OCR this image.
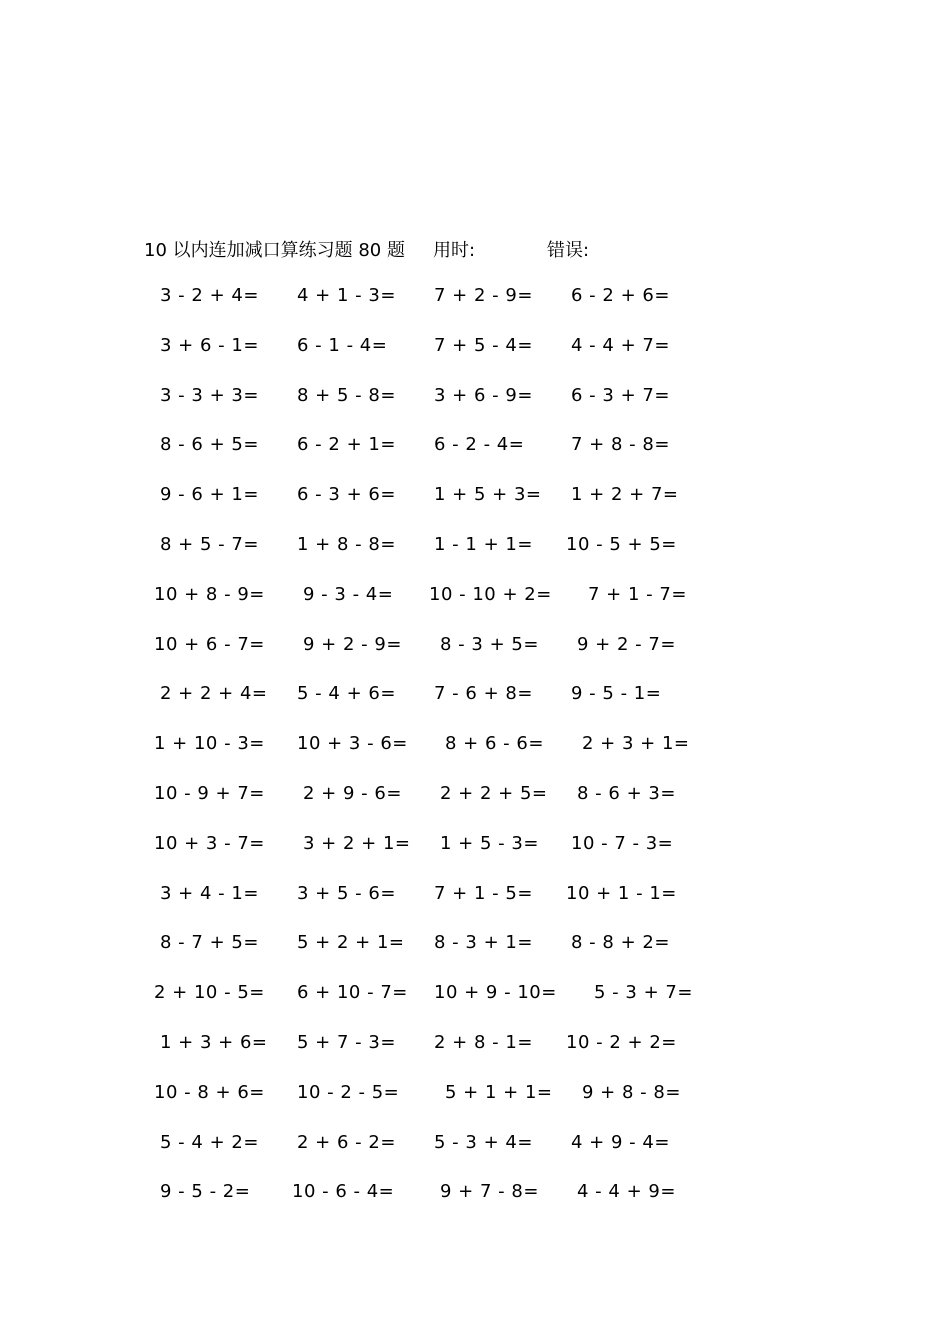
10 以内连加减口算练习题 80 题 用时:	错误:
3 - 2 + 4= 4 + 1 - 3= 7 + 2 - 9= 6 - 2 + 6=
3 + 6 - 1= 6 - 1 - 4=	7 + 5 - 4= 4 - 4 + 7=
3 - 3 + 3= 8 + 5 - 8= 3 + 6 - 9= 6 - 3 + 7=
8 - 6 + 5= 6 - 2 + 1= 6 - 2 - 4=	7 + 8 - 8=
9 - 6 + 1= 6 - 3 + 6= 1 + 5 + 3= 1 + 2 + 7=
8 + 5 - 7= 1 + 8 - 8= 1 - 1 + 1= 10 - 5 + 5=
10 + 8 - 9= 9 - 3 - 4= 10 - 10 + 2= 7 + 1 - 7=
10 + 6 - 7= 9 + 2 - 9= 8 - 3 + 5= 9 + 2 - 7=
2 + 2 + 4= 5 - 4 + 6= 7 - 6 + 8= 9 - 5 - 1=
1 + 10 - 3= 10 + 3 - 6= 8 + 6 - 6= 2 + 3 + 1=
10 - 9 + 7= 2 + 9 - 6= 2 + 2 + 5= 8 - 6 + 3=
10 + 3 - 7= 3 + 2 + 1= 1 + 5 - 3= 10 - 7 - 3=
3 + 4 - 1= 3 + 5 - 6= 7 + 1 - 5= 10 + 1 - 1=
8 - 7 + 5= 5 + 2 + 1= 8 - 3 + 1= 8 - 8 + 2=
2 + 10 - 5= 6 + 10 - 7= 10 + 9 - 10= 5 - 3 + 7=
1 + 3 + 6= 5 + 7 - 3= 2 + 8 - 1= 10 - 2 + 2=
10 - 8 + 6= 10 - 2 - 5=	5 + 1 + 1= 9 + 8 - 8=
5 - 4 + 2= 2 + 6 - 2= 5 - 3 + 4= 4 + 9 - 4=
9 - 5 - 2= 10 - 6 - 4=	9 + 7 - 8= 4 - 4 + 9=
